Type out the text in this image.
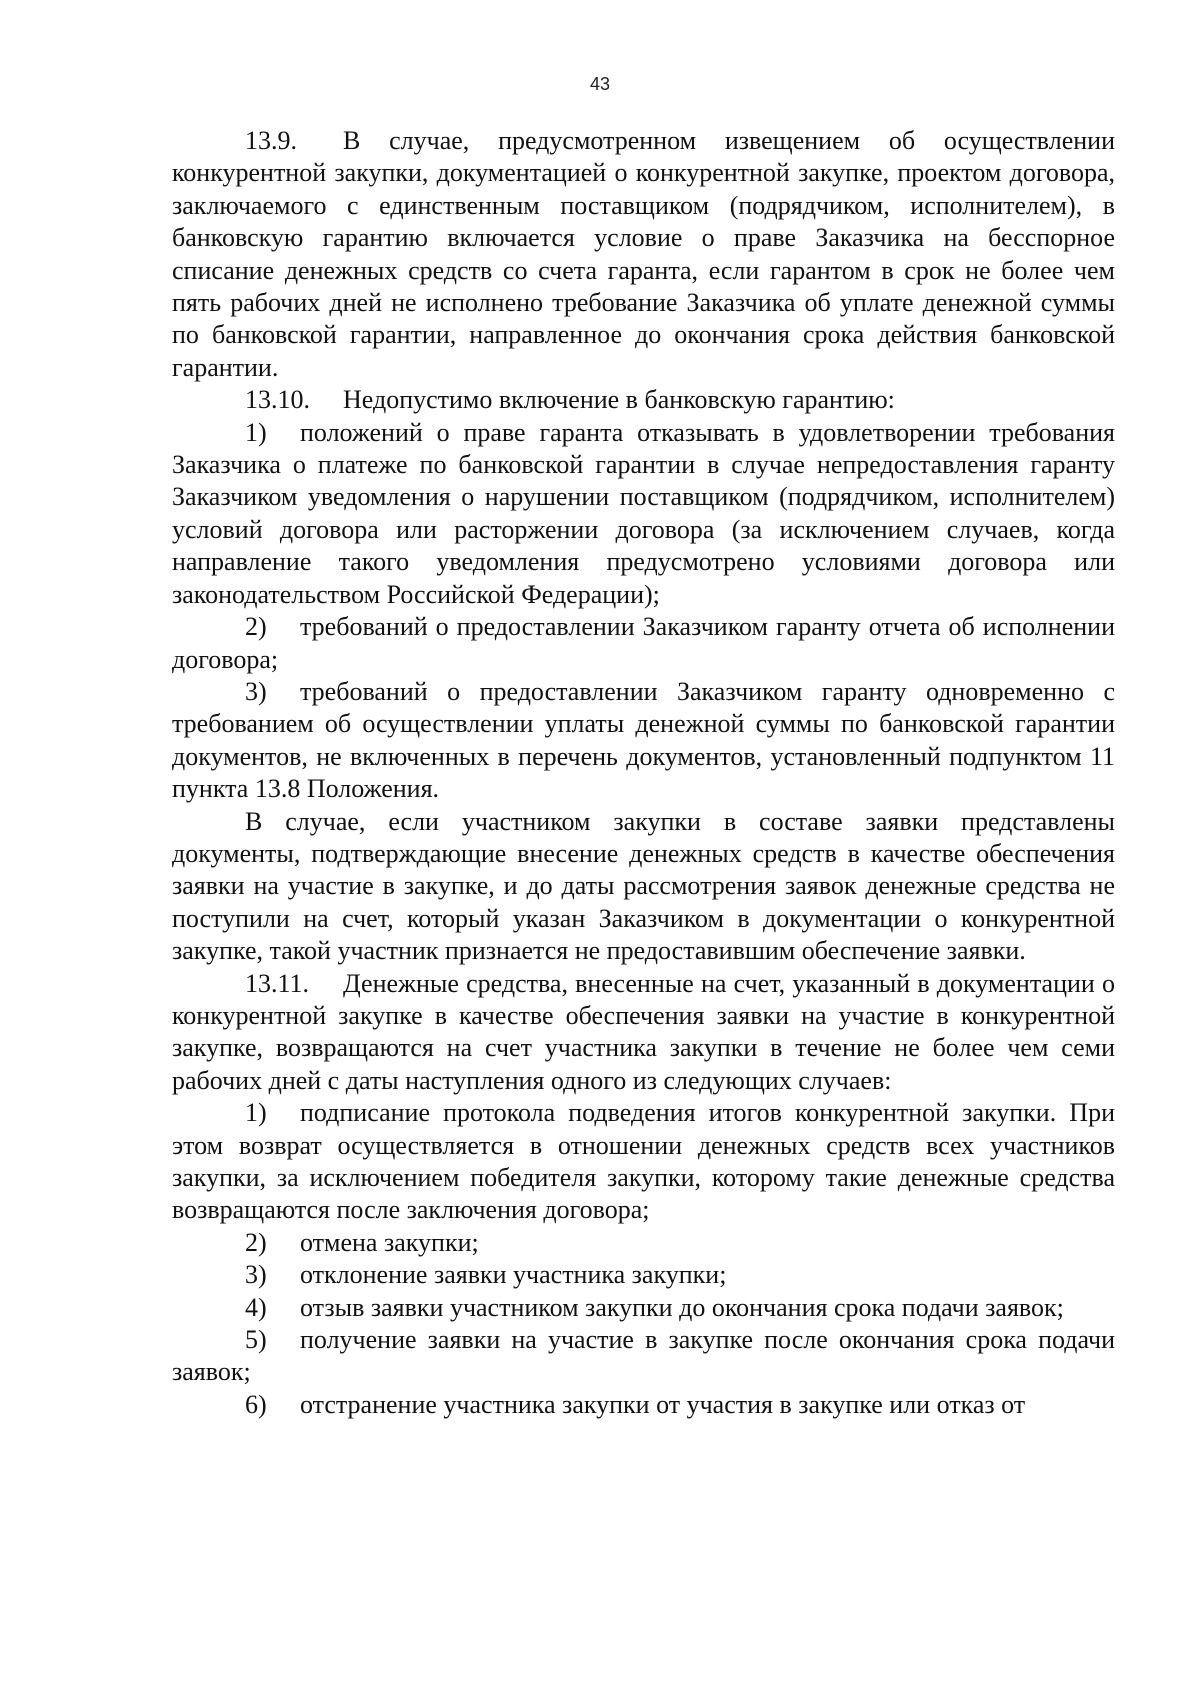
43

13.9. В случае, предусмотренном извещением об осуществлении конкурентной закупки, документацией о конкурентной закупке, проектом договора, заключаемого с единственным поставщиком (подрядчиком, исполнителем), в банковскую гарантию включается условие о праве Заказчика на бесспорное списание денежных средств со счета гаранта, если гарантом в срок не более чем пять рабочих дней не исполнено требование Заказчика об уплате денежной суммы по банковской гарантии, направленное до окончания срока действия банковской гарантии.

13.10. Недопустимо включение в банковскую гарантию:

1) положений о праве гаранта отказывать в удовлетворении требования Заказчика о платеже по банковской гарантии в случае непредоставления гаранту Заказчиком уведомления о нарушении поставщиком (подрядчиком, исполнителем) условий договора или расторжении договора (за исключением случаев, когда направление такого уведомления предусмотрено условиями договора или законодательством Российской Федерации);

2) требований о предоставлении Заказчиком гаранту отчета об исполнении договора;

3) требований о предоставлении Заказчиком гаранту одновременно с требованием об осуществлении уплаты денежной суммы по банковской гарантии документов, не включенных в перечень документов, установленный подпунктом 11 пункта 13.8 Положения.

В случае, если участником закупки в составе заявки представлены документы, подтверждающие внесение денежных средств в качестве обеспечения заявки на участие в закупке, и до даты рассмотрения заявок денежные средства не поступили на счет, который указан Заказчиком в документации о конкурентной закупке, такой участник признается не предоставившим обеспечение заявки.

13.11. Денежные средства, внесенные на счет, указанный в документации о конкурентной закупке в качестве обеспечения заявки на участие в конкурентной закупке, возвращаются на счет участника закупки в течение не более чем семи рабочих дней с даты наступления одного из следующих случаев:

1) подписание протокола подведения итогов конкурентной закупки. При этом возврат осуществляется в отношении денежных средств всех участников закупки, за исключением победителя закупки, которому такие денежные средства возвращаются после заключения договора;

2) отмена закупки;

3) отклонение заявки участника закупки;

4) отзыв заявки участником закупки до окончания срока подачи заявок;

5) получение заявки на участие в закупке после окончания срока подачи заявок;

6) отстранение участника закупки от участия в закупке или отказ от
